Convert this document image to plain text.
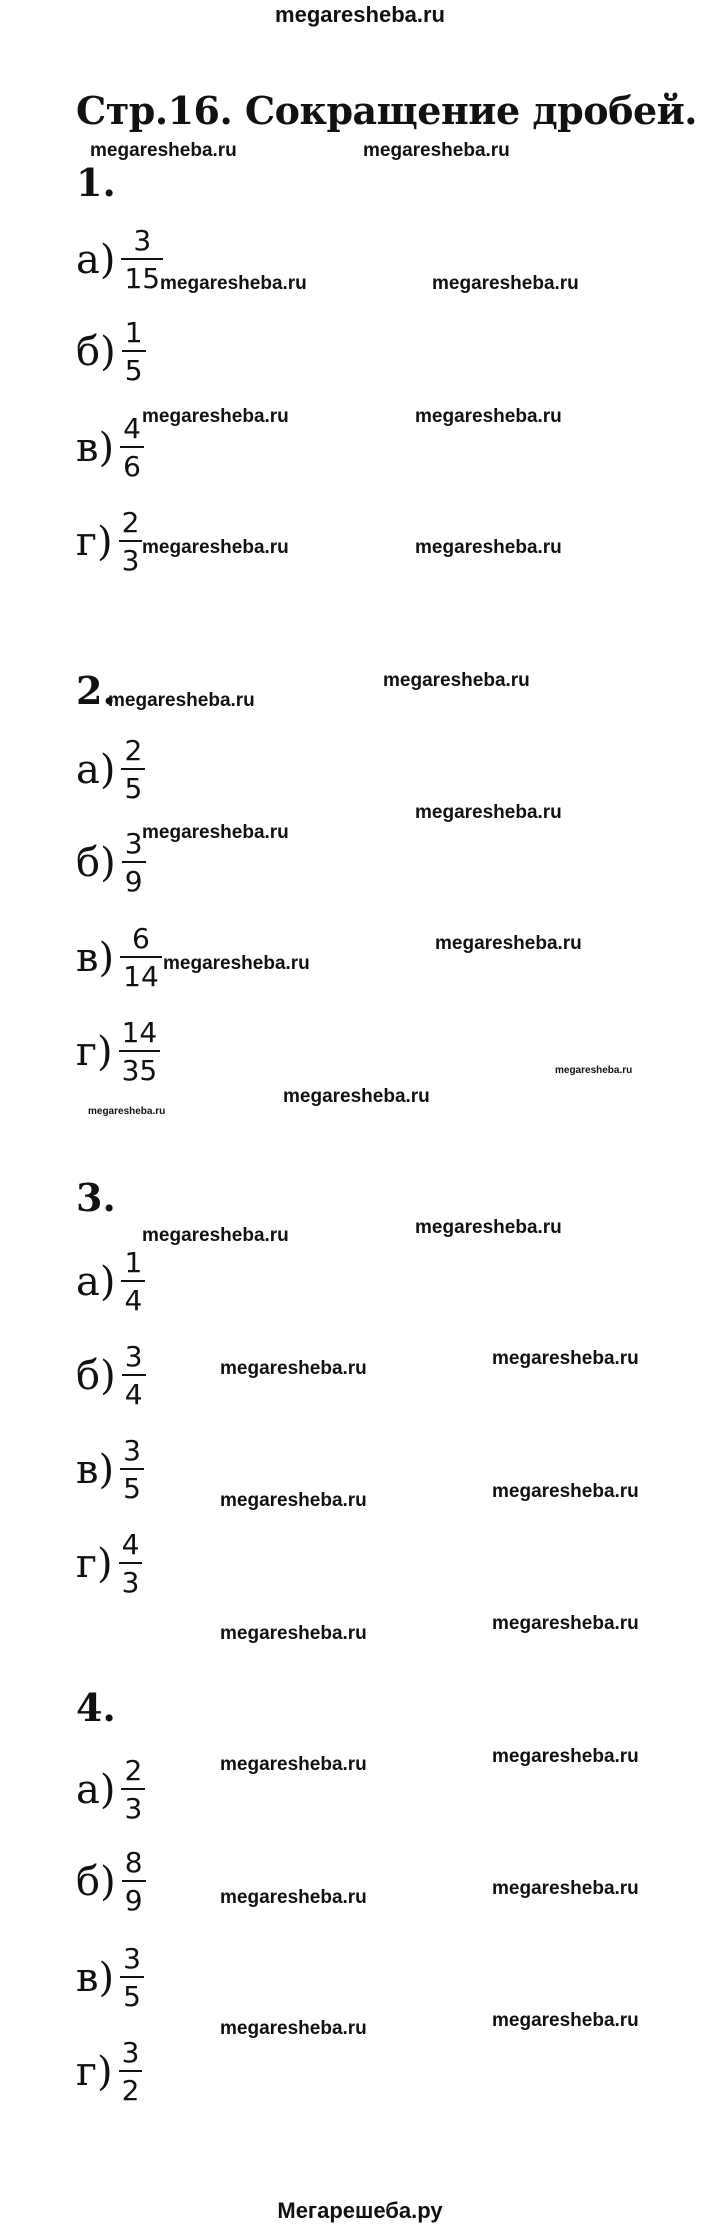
megaresheba.ru
Стр.16. Сокращение дробей.
1.
$а) \frac{3}{15}$
$б) \frac{1}{5}$
$в) \frac{4}{6}$
$г) \frac{2}{3}$
2.
$а) \frac{2}{5}$
$б) \frac{3}{9}$
$в) \frac{6}{14}$
$г) \frac{14}{35}$
3.
$а) \frac{1}{4}$
$б) \frac{3}{4}$
$в) \frac{3}{5}$
$г) \frac{4}{3}$
4.
$а) \frac{2}{3}$
$б) \frac{8}{9}$
$в) \frac{3}{5}$
$г) \frac{3}{2}$
megaresheba.ru	megaresheba.ru
megaresheba.ru	megaresheba.ru
megaresheba.ru	megaresheba.ru
megaresheba.ru	megaresheba.ru
megaresheba.ru
megaresheba.ru
megaresheba.ru
megaresheba.ru
megaresheba.ru
megaresheba.ru
megaresheba.ru
megaresheba.ru
megaresheba.ru
megaresheba.ru	megaresheba.ru
megaresheba.ru	megaresheba.ru
megaresheba.ru	megaresheba.ru
megaresheba.ru	megaresheba.ru
megaresheba.ru	megaresheba.ru
megaresheba.ru	megaresheba.ru
megaresheba.ru	megaresheba.ru
Мегарешеба.ру
